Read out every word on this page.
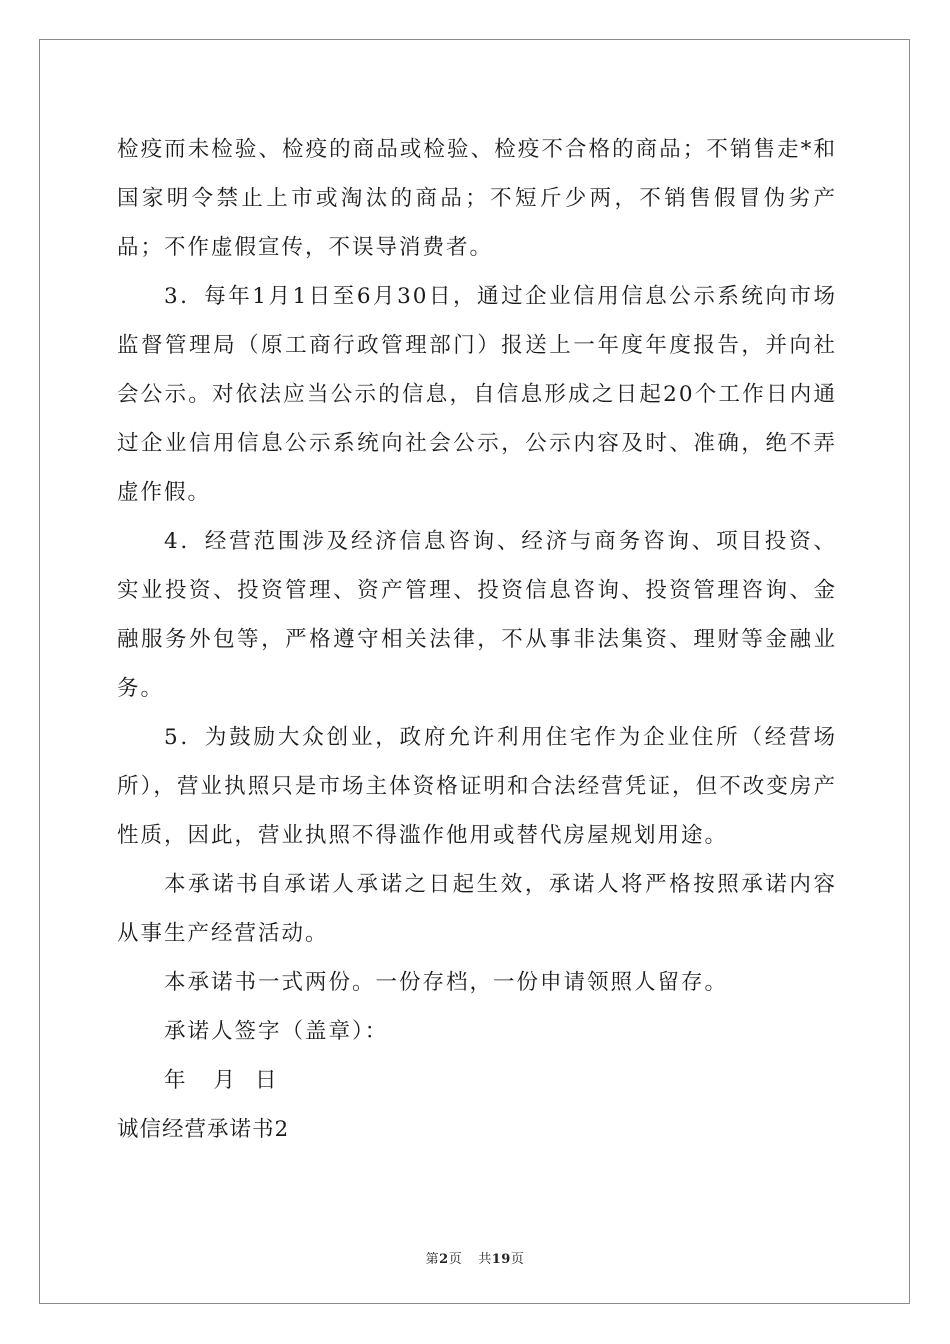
检疫而未检验、检疫的商品或检验、检疫不合格的商品；不销售走*和国家明令禁止上市或淘汰的商品；不短斤少两，不销售假冒伪劣产品；不作虚假宣传，不误导消费者。

3．每年1月1日至6月30日，通过企业信用信息公示系统向市场监督管理局（原工商行政管理部门）报送上一年度年度报告，并向社会公示。对依法应当公示的信息，自信息形成之日起20个工作日内通过企业信用信息公示系统向社会公示，公示内容及时、准确，绝不弄虚作假。

4．经营范围涉及经济信息咨询、经济与商务咨询、项目投资、实业投资、投资管理、资产管理、投资信息咨询、投资管理咨询、金融服务外包等，严格遵守相关法律，不从事非法集资、理财等金融业务。

5．为鼓励大众创业，政府允许利用住宅作为企业住所（经营场所），营业执照只是市场主体资格证明和合法经营凭证，但不改变房产性质，因此，营业执照不得滥作他用或替代房屋规划用途。

本承诺书自承诺人承诺之日起生效，承诺人将严格按照承诺内容从事生产经营活动。

本承诺书一式两份。一份存档，一份申请领照人留存。

承诺人签字（盖章）：

年 月 日

诚信经营承诺书2

第2页 共19页
